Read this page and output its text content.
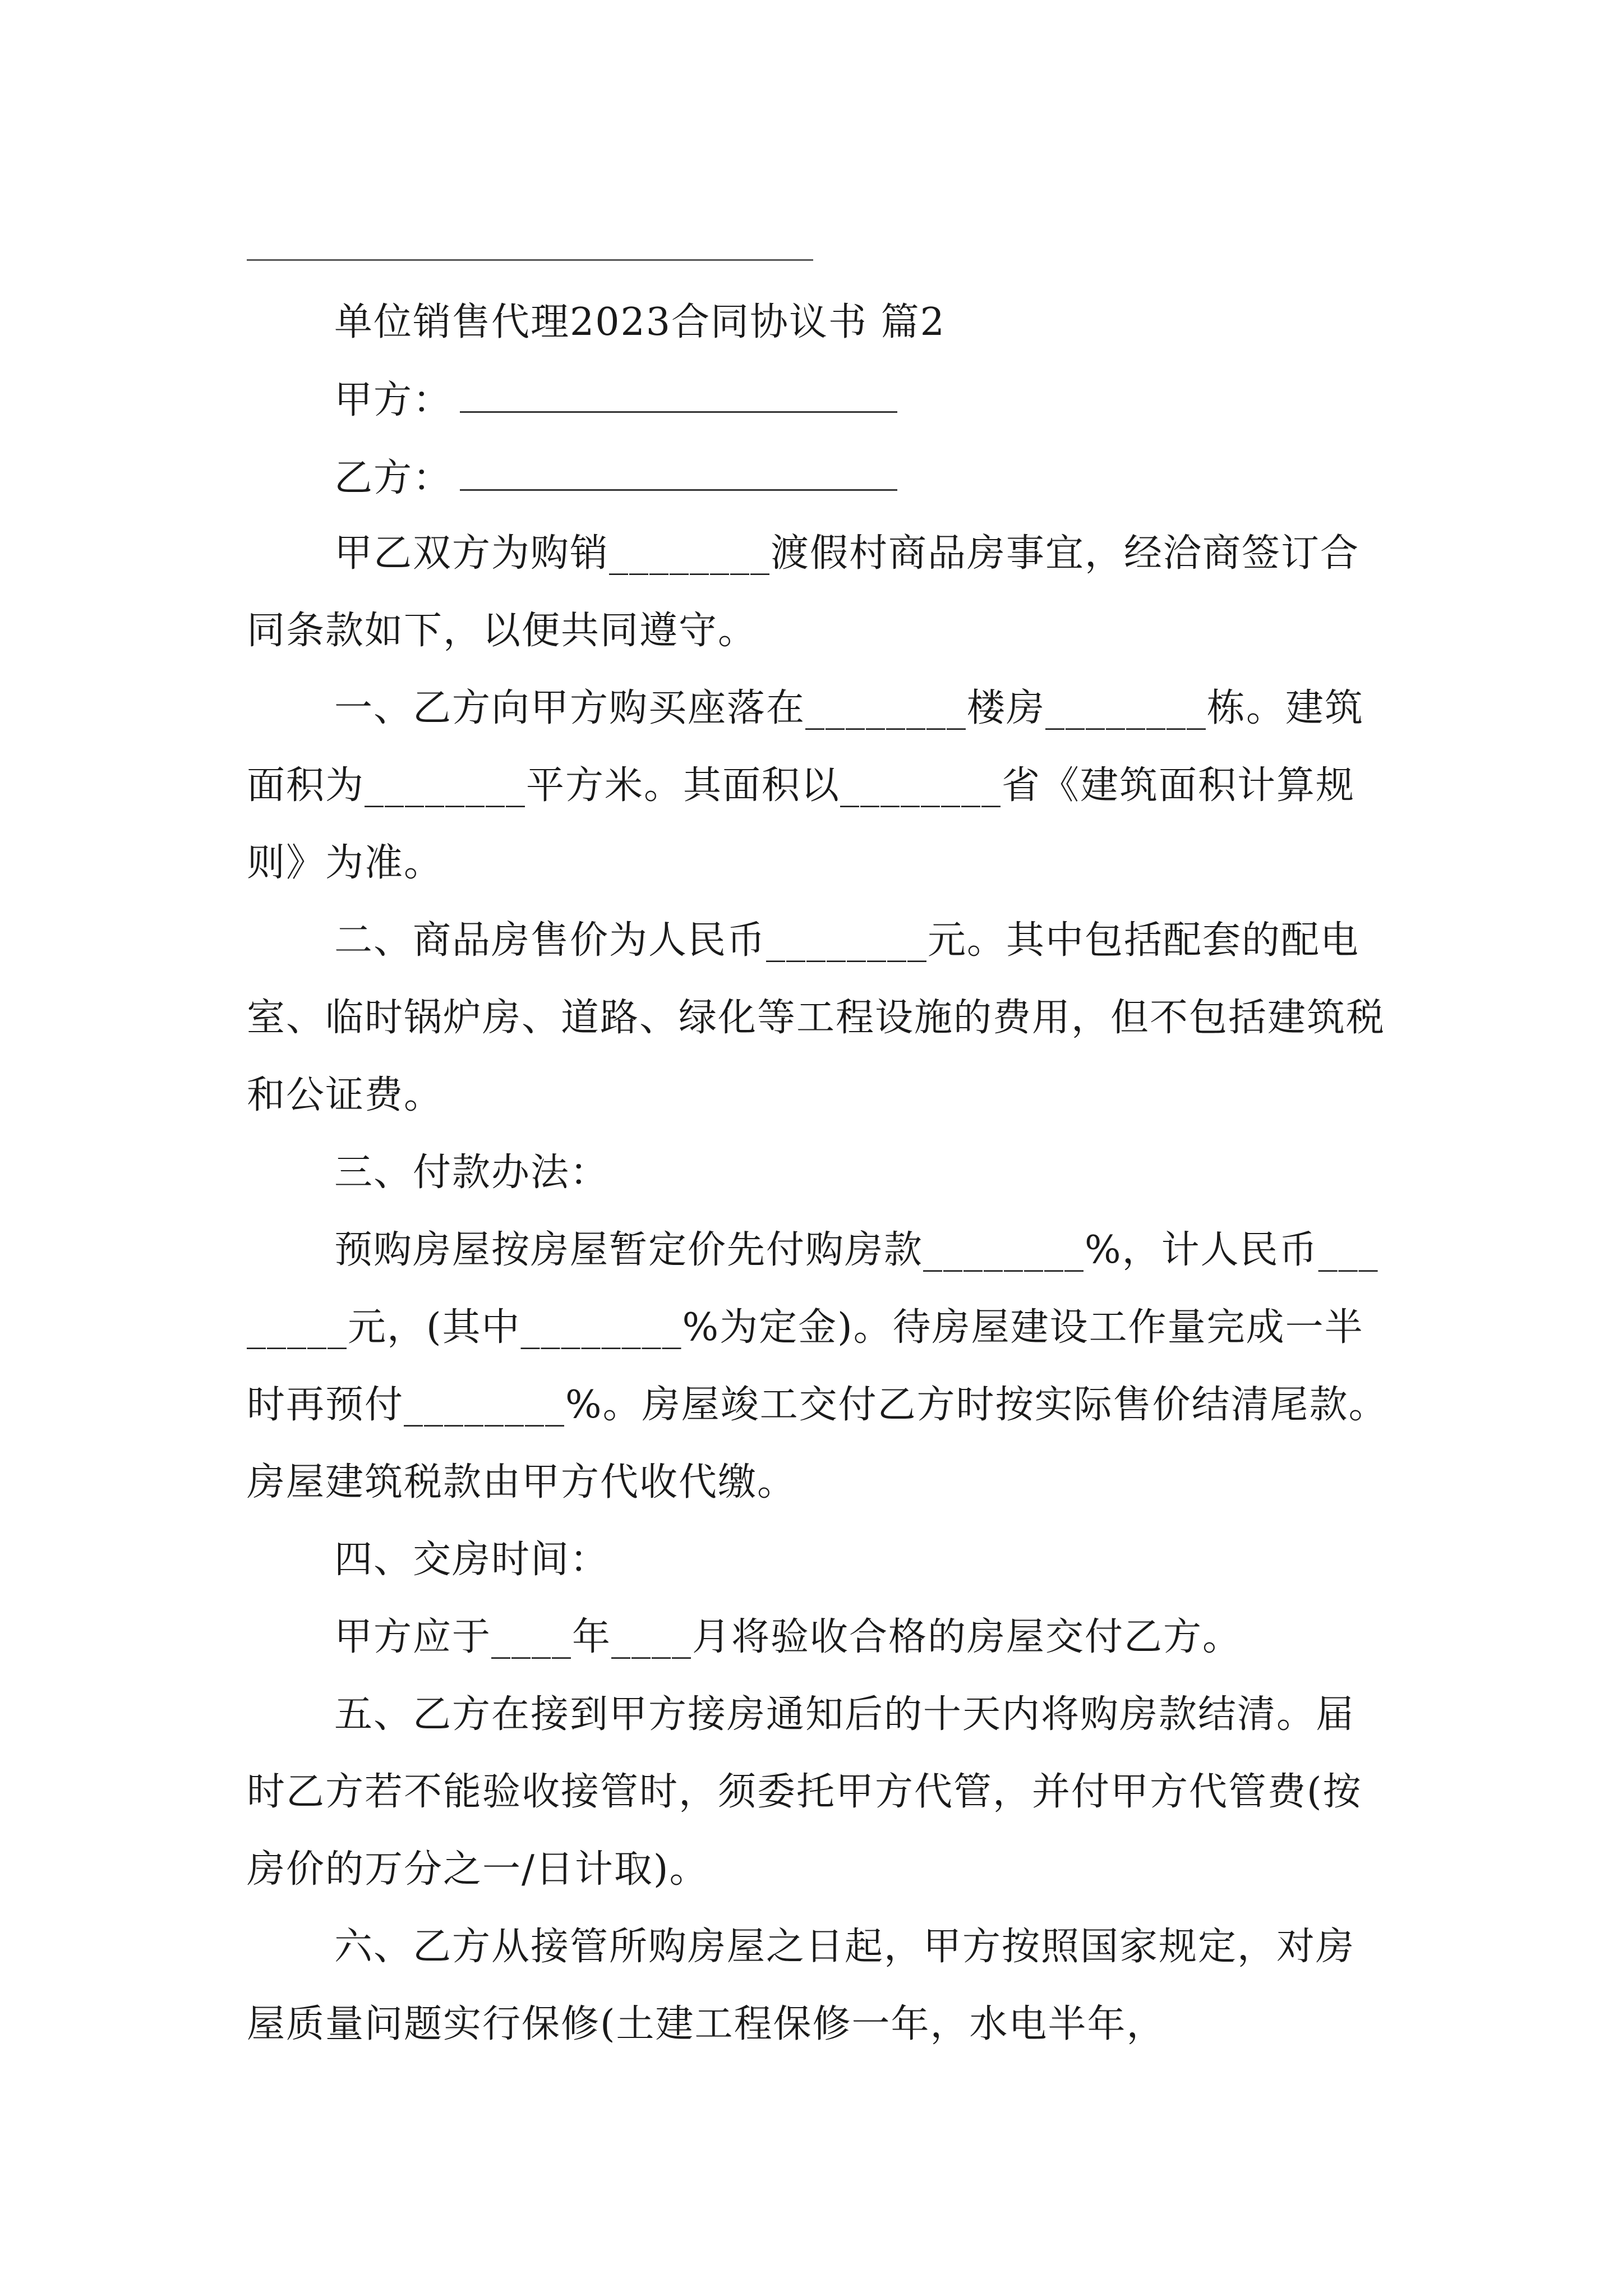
单位销售代理2023合同协议书 篇2

甲方：

乙方：

甲乙双方为购销________渡假村商品房事宜，经洽商签订合同条款如下，以便共同遵守。

一、乙方向甲方购买座落在________楼房________栋。建筑面积为________平方米。其面积以________省《建筑面积计算规则》为准。

二、商品房售价为人民币________元。其中包括配套的配电室、临时锅炉房、道路、绿化等工程设施的费用，但不包括建筑税和公证费。

三、付款办法：

预购房屋按房屋暂定价先付购房款________%，计人民币________元，(其中________%为定金)。待房屋建设工作量完成一半时再预付________%。房屋竣工交付乙方时按实际售价结清尾款。房屋建筑税款由甲方代收代缴。

四、交房时间：

甲方应于____年____月将验收合格的房屋交付乙方。

五、乙方在接到甲方接房通知后的十天内将购房款结清。届时乙方若不能验收接管时，须委托甲方代管，并付甲方代管费(按房价的万分之一/日计取)。

六、乙方从接管所购房屋之日起，甲方按照国家规定，对房屋质量问题实行保修(土建工程保修一年，水电半年，
